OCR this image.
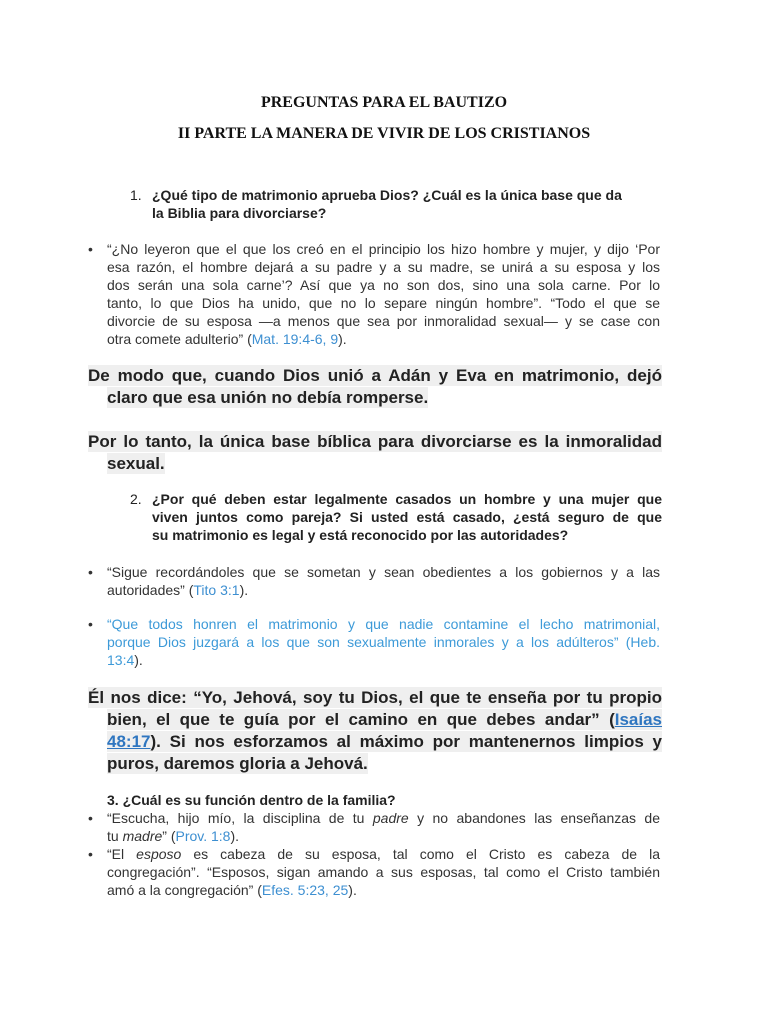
PREGUNTAS PARA EL BAUTIZO
II PARTE LA MANERA DE VIVIR DE LOS CRISTIANOS
1. ¿Qué tipo de matrimonio aprueba Dios? ¿Cuál es la única base que da
la Biblia para divorciarse?
• “¿No leyeron que el que los creó en el principio los hizo hombre y mujer, y dijo ‘Por
esa razón, el hombre dejará a su padre y a su madre, se unirá a su esposa y los
dos serán una sola carne’? Así que ya no son dos, sino una sola carne. Por lo
tanto, lo que Dios ha unido, que no lo separe ningún hombre”. “Todo el que se
divorcie de su esposa —a menos que sea por inmoralidad sexual— y se case con
otra comete adulterio” (Mat. 19:4-6, 9).
De modo que, cuando Dios unió a Adán y Eva en matrimonio, dejó
claro que esa unión no debía romperse.
Por lo tanto, la única base bíblica para divorciarse es la inmoralidad
sexual.
2. ¿Por qué deben estar legalmente casados un hombre y una mujer que
viven juntos como pareja? Si usted está casado, ¿está seguro de que
su matrimonio es legal y está reconocido por las autoridades?
• “Sigue recordándoles que se sometan y sean obedientes a los gobiernos y a las
autoridades” (Tito 3:1).
• “Que todos honren el matrimonio y que nadie contamine el lecho matrimonial,
porque Dios juzgará a los que son sexualmente inmorales y a los adúlteros” (Heb.
13:4).
Él nos dice: “Yo, Jehová, soy tu Dios, el que te enseña por tu propio
bien, el que te guía por el camino en que debes andar” (Isaías
48:17). Si nos esforzamos al máximo por mantenernos limpios y
puros, daremos gloria a Jehová.
3. ¿Cuál es su función dentro de la familia?
• “Escucha, hijo mío, la disciplina de tu padre y no abandones las enseñanzas de
tu madre” (Prov. 1:8).
• “El esposo es cabeza de su esposa, tal como el Cristo es cabeza de la
congregación”. “Esposos, sigan amando a sus esposas, tal como el Cristo también
amó a la congregación” (Efes. 5:23, 25).
